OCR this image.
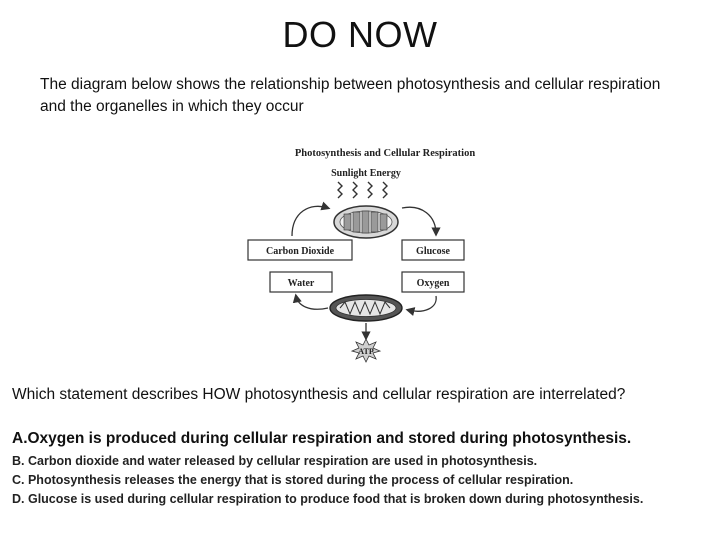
DO NOW
The diagram below shows the relationship between photosynthesis and cellular respiration and the organelles in which they occur
Photosynthesis and Cellular Respiration
Sunlight Energy
Carbon Dioxide	Glucose
Water	Oxygen
ATP
Which statement describes HOW photosynthesis and cellular respiration are interrelated?
A.Oxygen is produced during cellular respiration and stored during photosynthesis.
B. Carbon dioxide and water released by cellular respiration are used in photosynthesis.
C. Photosynthesis releases the energy that is stored during the process of cellular respiration.
D. Glucose is used during cellular respiration to produce food that is broken down during photosynthesis.
